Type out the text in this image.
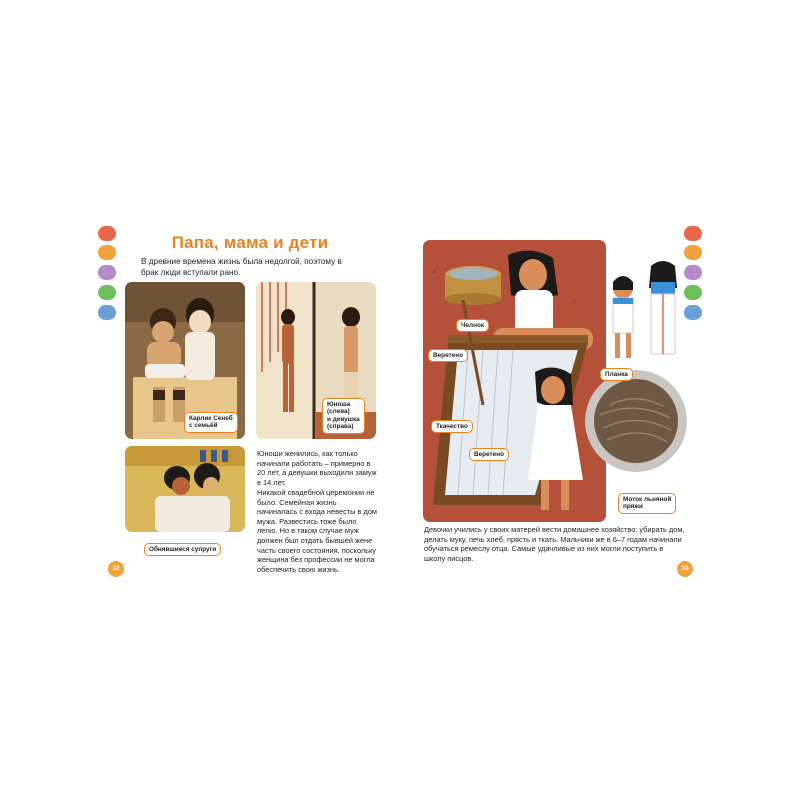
Папа, мама и дети
В древние времена жизнь была недолгой, поэтому в брак люди вступали рано.
Карлик Сенеб
с семьёй
Юноша
(слева)
и девушка
(справа)
Обнявшиеся супруги
Юноши женились, как только начинали работать – примерно в 20 лет, а девушки выходили замуж в 14 лет.
Никакой свадебной церемонии не было. Семейная жизнь начиналась с входа невесты в дом мужа. Развестись тоже было легко. Но в таком случае муж должен был отдать бывшей жене часть своего состояния, поскольку женщина без профессии не могла обеспечить свою жизнь.
32
Челнок
Веретено
Ткачество
Веретено
Планка
Моток льняной
пряжи
Девочки учились у своих матерей вести домашнее хозяйство: убирать дом, делать муку, печь хлеб, прясть и ткать. Мальчики же в 6–7 годам начинали обучаться ремеслу отца. Самые удачливые из них могли поступить в школу писцов.
33
